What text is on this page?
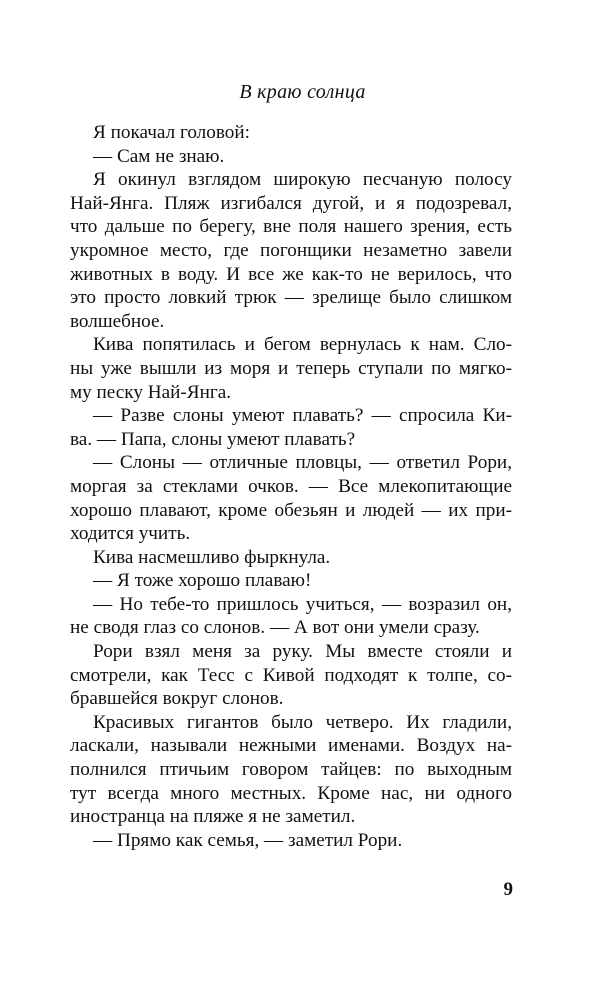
В краю солнца
Я покачал головой:
— Сам не знаю.
Я окинул взглядом широкую песчаную полосу
Най-Янга. Пляж изгибался дугой, и я подозревал,
что дальше по берегу, вне поля нашего зрения, есть
укромное место, где погонщики незаметно завели
животных в воду. И все же как-то не верилось, что
это просто ловкий трюк — зрелище было слишком
волшебное.
Кива попятилась и бегом вернулась к нам. Сло-
ны уже вышли из моря и теперь ступали по мягко-
му песку Най-Янга.
— Разве слоны умеют плавать? — спросила Ки-
ва. — Папа, слоны умеют плавать?
— Слоны — отличные пловцы, — ответил Рори,
моргая за стеклами очков. — Все млекопитающие
хорошо плавают, кроме обезьян и людей — их при-
ходится учить.
Кива насмешливо фыркнула.
— Я тоже хорошо плаваю!
— Но тебе-то пришлось учиться, — возразил он,
не сводя глаз со слонов. — А вот они умели сразу.
Рори взял меня за руку. Мы вместе стояли и
смотрели, как Тесс с Кивой подходят к толпе, со-
бравшейся вокруг слонов.
Красивых гигантов было четверо. Их гладили,
ласкали, называли нежными именами. Воздух на-
полнился птичьим говором тайцев: по выходным
тут всегда много местных. Кроме нас, ни одного
иностранца на пляже я не заметил.
— Прямо как семья, — заметил Рори.
9
